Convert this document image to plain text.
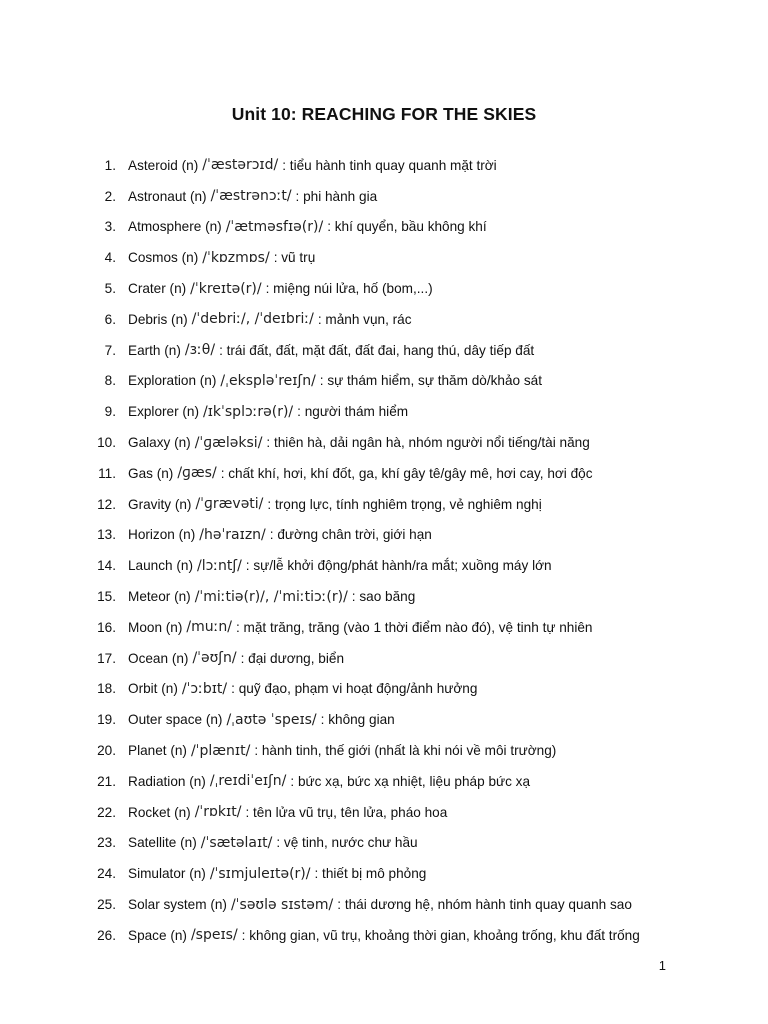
Unit 10: REACHING FOR THE SKIES
1. Asteroid (n) /ˈæstərɔɪd/ : tiểu hành tinh quay quanh mặt trời
2. Astronaut (n) /ˈæstrənɔːt/ : phi hành gia
3. Atmosphere (n) /ˈætməsfɪə(r)/ : khí quyển, bầu không khí
4. Cosmos (n) /ˈkɒzmɒs/ : vũ trụ
5. Crater (n) /ˈkreɪtə(r)/ : miệng núi lửa, hố (bom,...)
6. Debris (n) /ˈdebriː/, /ˈdeɪbriː/ : mảnh vụn, rác
7. Earth (n) /ɜːθ/ : trái đất, đất, mặt đất, đất đai, hang thú, dây tiếp đất
8. Exploration (n) /ˌekspləˈreɪʃn/ : sự thám hiểm, sự thăm dò/khảo sát
9. Explorer (n) /ɪkˈsplɔːrə(r)/ : người thám hiểm
10. Galaxy (n) /ˈɡæləksi/ : thiên hà, dải ngân hà, nhóm người nổi tiếng/tài năng
11. Gas (n) /ɡæs/ : chất khí, hơi, khí đốt, ga, khí gây tê/gây mê, hơi cay, hơi độc
12. Gravity (n) /ˈɡrævəti/ : trọng lực, tính nghiêm trọng, vẻ nghiêm nghị
13. Horizon (n) /həˈraɪzn/ : đường chân trời, giới hạn
14. Launch (n) /lɔːntʃ/ : sự/lễ khởi động/phát hành/ra mắt; xuồng máy lớn
15. Meteor (n) /ˈmiːtiə(r)/, /ˈmiːtiɔː(r)/ : sao băng
16. Moon (n) /muːn/ : mặt trăng, trăng (vào 1 thời điểm nào đó), vệ tinh tự nhiên
17. Ocean (n) /ˈəʊʃn/ : đại dương, biển
18. Orbit (n) /ˈɔːbɪt/ : quỹ đạo, phạm vi hoạt động/ảnh hưởng
19. Outer space (n) /ˌaʊtə ˈspeɪs/ : không gian
20. Planet (n) /ˈplænɪt/ : hành tinh, thế giới (nhất là khi nói về môi trường)
21. Radiation (n) /ˌreɪdiˈeɪʃn/ : bức xạ, bức xạ nhiệt, liệu pháp bức xạ
22. Rocket (n) /ˈrɒkɪt/ : tên lửa vũ trụ, tên lửa, pháo hoa
23. Satellite (n) /ˈsætəlaɪt/ : vệ tinh, nước chư hầu
24. Simulator (n) /ˈsɪmjuleɪtə(r)/ : thiết bị mô phỏng
25. Solar system (n) /ˈsəʊlə sɪstəm/ : thái dương hệ, nhóm hành tinh quay quanh sao
26. Space (n) /speɪs/ : không gian, vũ trụ, khoảng thời gian, khoảng trống, khu đất trống
1
